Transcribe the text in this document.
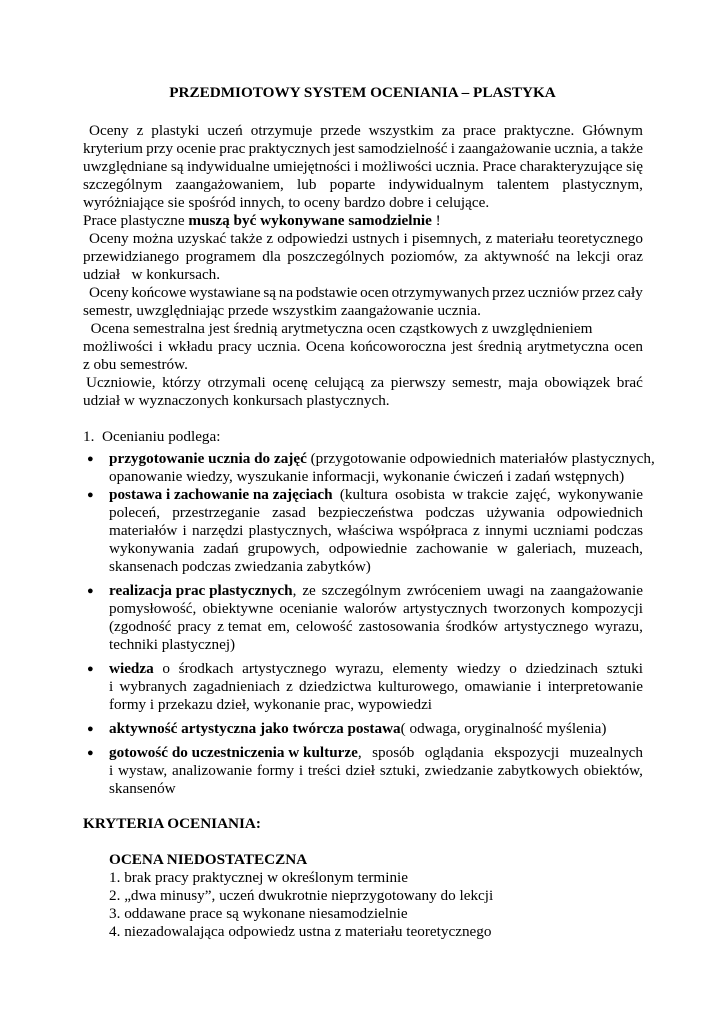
PRZEDMIOTOWY SYSTEM OCENIANIA – PLASTYKA
Oceny z plastyki uczeń otrzymuje przede wszystkim za prace praktyczne. Głównym
kryterium przy ocenie prac praktycznych jest samodzielność i zaangażowanie ucznia, a także
uwzględniane są indywidualne umiejętności i możliwości ucznia. Prace charakteryzujące się
szczególnym zaangażowaniem, lub poparte indywidualnym talentem plastycznym,
wyróżniające sie spośród innych, to oceny bardzo dobre i celujące.
Prace plastyczne muszą być wykonywane samodzielnie !
Oceny można uzyskać także z odpowiedzi ustnych i pisemnych, z materiału teoretycznego
przewidzianego programem dla poszczególnych poziomów, za aktywność na lekcji oraz
udział   w konkursach.
Oceny końcowe wystawiane są na podstawie ocen otrzymywanych przez uczniów przez cały
semestr, uwzględniając przede wszystkim zaangażowanie ucznia.
Ocena semestralna jest średnią arytmetyczna ocen cząstkowych z uwzględnieniem
możliwości i wkładu pracy ucznia. Ocena końcoworoczna jest średnią arytmetyczna ocen
z obu semestrów.
Uczniowie, którzy otrzymali ocenę celującą za pierwszy semestr, maja obowiązek brać
udział w wyznaczonych konkursach plastycznych.
1.  Ocenianiu podlega:
● przygotowanie ucznia do zajęć (przygotowanie odpowiednich materiałów plastycznych,
opanowanie wiedzy, wyszukanie informacji, wykonanie ćwiczeń i zadań wstępnych)
● postawa i zachowanie na zajęciach (kultura osobista w trakcie zajęć, wykonywanie
poleceń, przestrzeganie zasad bezpieczeństwa podczas używania odpowiednich
materiałów i narzędzi plastycznych, właściwa współpraca z innymi uczniami podczas
wykonywania zadań grupowych, odpowiednie zachowanie w galeriach, muzeach,
skansenach podczas zwiedzania zabytków)
● realizacja prac plastycznych, ze szczególnym zwróceniem uwagi na zaangażowanie
pomysłowość, obiektywne ocenianie walorów artystycznych tworzonych kompozycji
(zgodność pracy z temat em, celowość zastosowania środków artystycznego wyrazu,
techniki plastycznej)
● wiedza o środkach artystycznego wyrazu, elementy wiedzy o dziedzinach sztuki
i wybranych zagadnieniach z dziedzictwa kulturowego, omawianie i interpretowanie
formy i przekazu dzieł, wykonanie prac, wypowiedzi
● aktywność artystyczna jako twórcza postawa( odwaga, oryginalność myślenia)
● gotowość do uczestniczenia w kulturze, sposób oglądania ekspozycji muzealnych
i wystaw, analizowanie formy i treści dzieł sztuki, zwiedzanie zabytkowych obiektów,
skansenów
KRYTERIA OCENIANIA:
OCENA NIEDOSTATECZNA
1. brak pracy praktycznej w określonym terminie
2. „dwa minusy”, uczeń dwukrotnie nieprzygotowany do lekcji
3. oddawane prace są wykonane niesamodzielnie
4. niezadowalająca odpowiedz ustna z materiału teoretycznego
